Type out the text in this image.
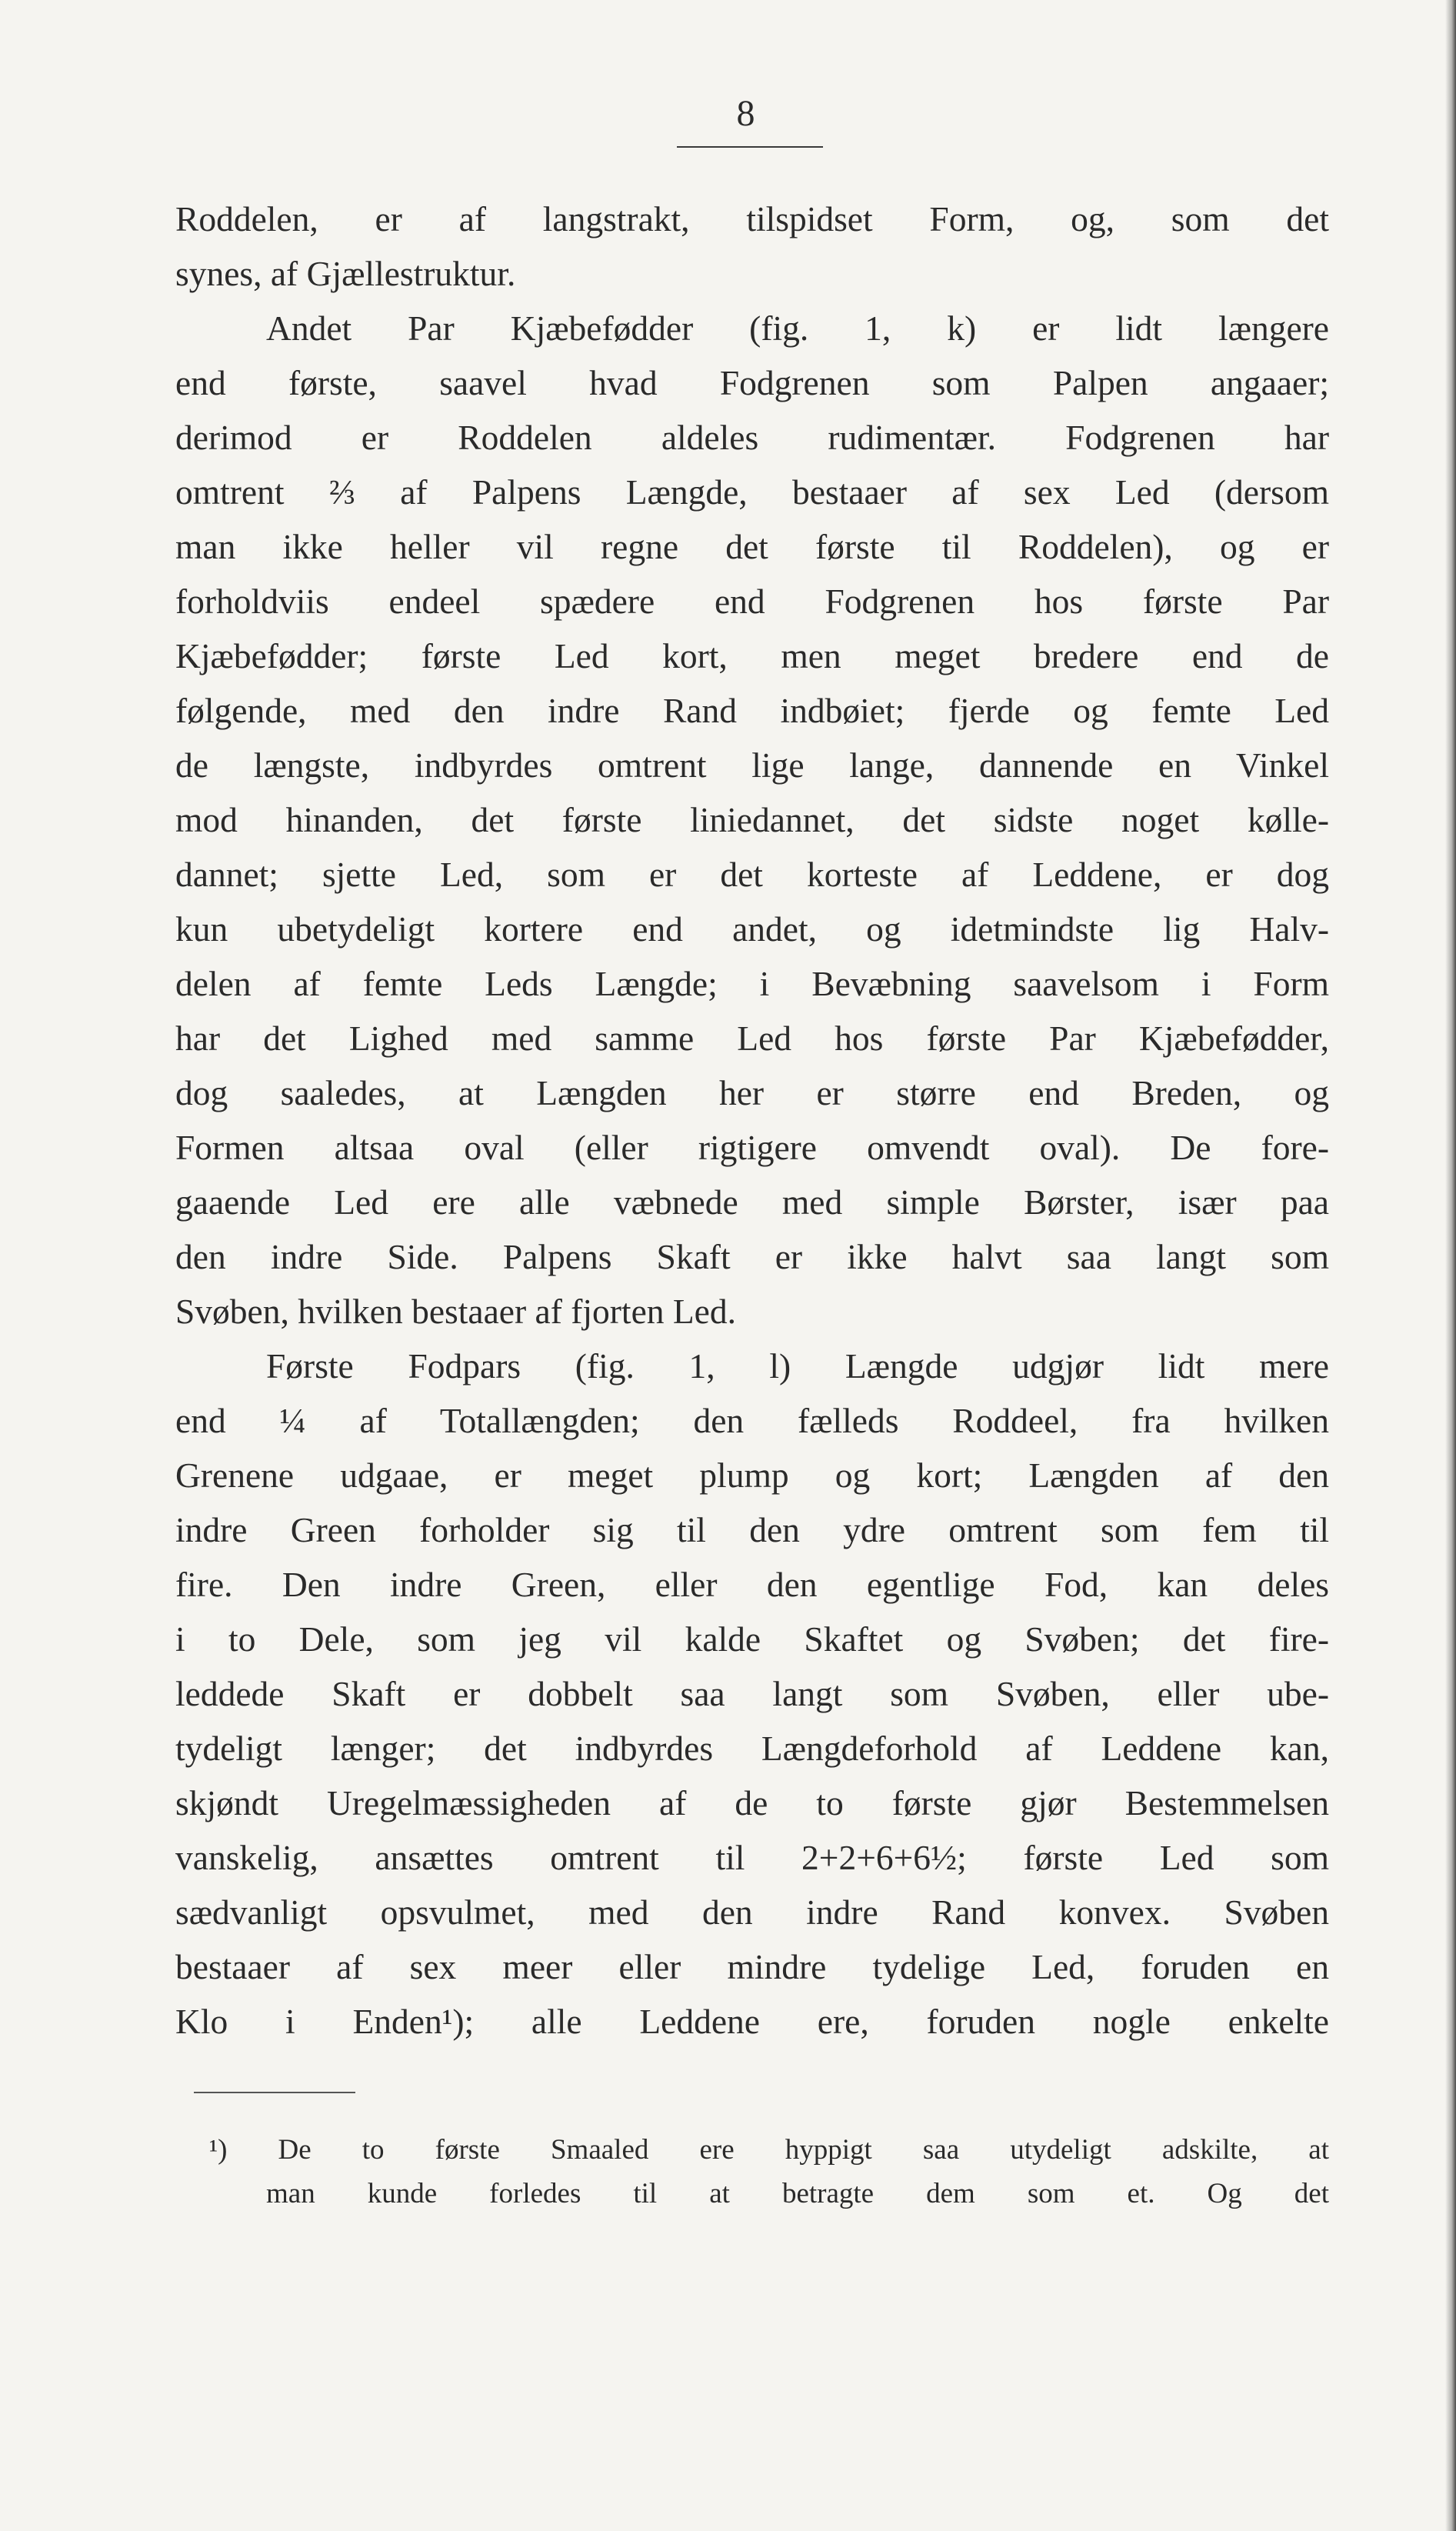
8
Roddelen, er af langstrakt, tilspidset Form, og, som det
synes, af Gjællestruktur.
Andet Par Kjæbefødder (fig. 1, k) er lidt længere
end første, saavel hvad Fodgrenen som Palpen angaaer;
derimod er Roddelen aldeles rudimentær. Fodgrenen har
omtrent ⅔ af Palpens Længde, bestaaer af sex Led (dersom
man ikke heller vil regne det første til Roddelen), og er
forholdviis endeel spædere end Fodgrenen hos første Par
Kjæbefødder; første Led kort, men meget bredere end de
følgende, med den indre Rand indbøiet; fjerde og femte Led
de længste, indbyrdes omtrent lige lange, dannende en Vinkel
mod hinanden, det første liniedannet, det sidste noget kølle-
dannet; sjette Led, som er det korteste af Leddene, er dog
kun ubetydeligt kortere end andet, og idetmindste lig Halv-
delen af femte Leds Længde; i Bevæbning saavelsom i Form
har det Lighed med samme Led hos første Par Kjæbefødder,
dog saaledes, at Længden her er større end Breden, og
Formen altsaa oval (eller rigtigere omvendt oval). De fore-
gaaende Led ere alle væbnede med simple Børster, især paa
den indre Side. Palpens Skaft er ikke halvt saa langt som
Svøben, hvilken bestaaer af fjorten Led.
Første Fodpars (fig. 1, l) Længde udgjør lidt mere
end ¼ af Totallængden; den fælleds Roddeel, fra hvilken
Grenene udgaae, er meget plump og kort; Længden af den
indre Green forholder sig til den ydre omtrent som fem til
fire. Den indre Green, eller den egentlige Fod, kan deles
i to Dele, som jeg vil kalde Skaftet og Svøben; det fire-
leddede Skaft er dobbelt saa langt som Svøben, eller ube-
tydeligt længer; det indbyrdes Længdeforhold af Leddene kan,
skjøndt Uregelmæssigheden af de to første gjør Bestemmelsen
vanskelig, ansættes omtrent til 2+2+6+6½; første Led som
sædvanligt opsvulmet, med den indre Rand konvex. Svøben
bestaaer af sex meer eller mindre tydelige Led, foruden en
Klo i Enden¹); alle Leddene ere, foruden nogle enkelte
¹) De to første Smaaled ere hyppigt saa utydeligt adskilte, at
man kunde forledes til at betragte dem som et. Og det
